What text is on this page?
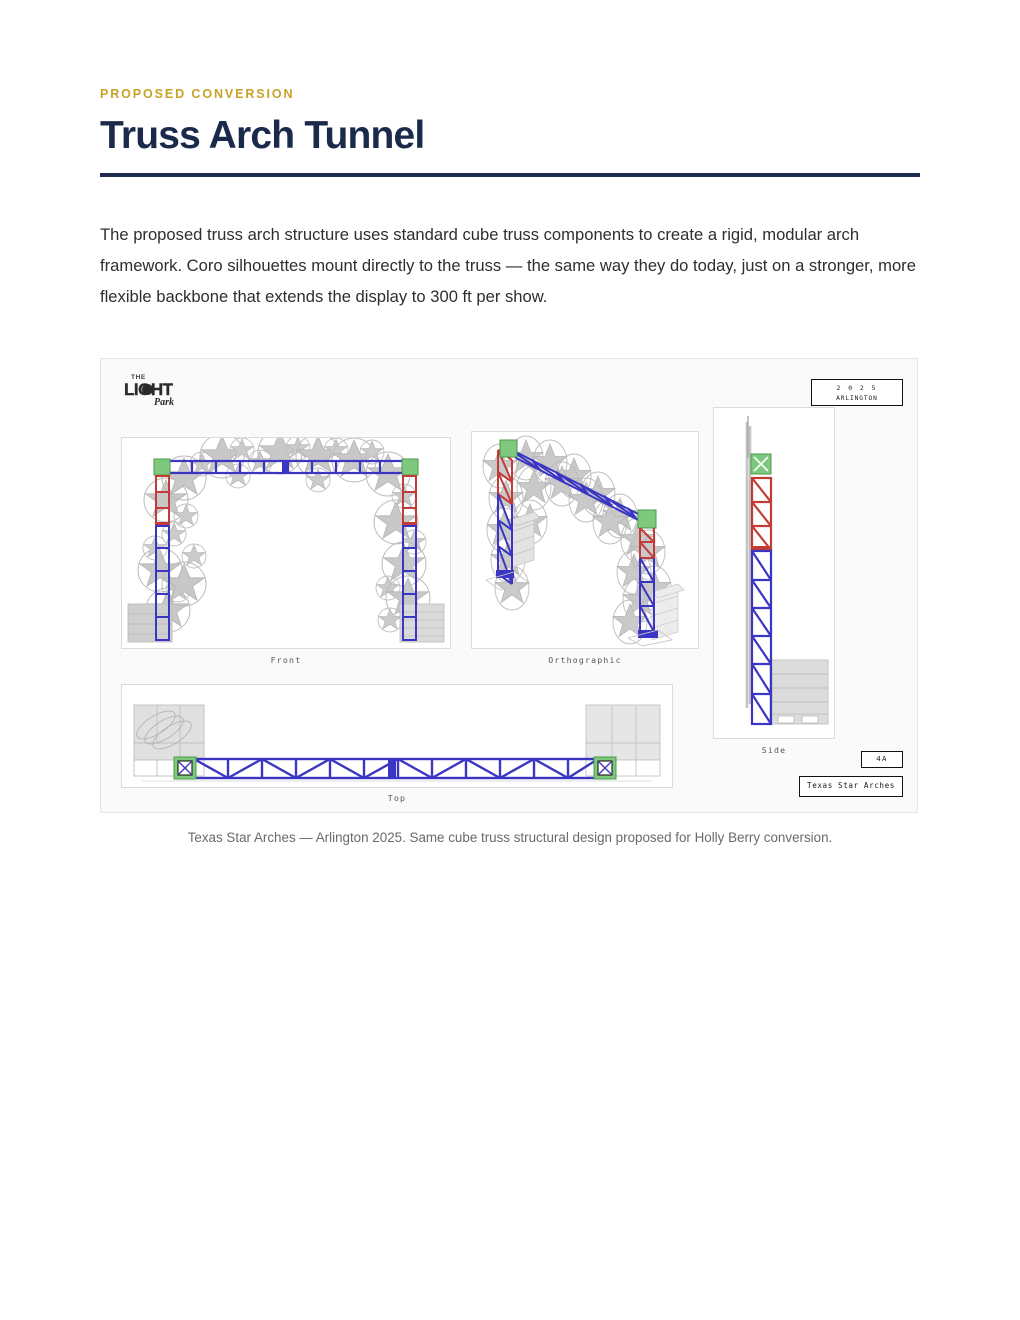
PROPOSED CONVERSION
Truss Arch Tunnel

The proposed truss arch structure uses standard cube truss components to create a rigid, modular arch framework. Coro silhouettes mount directly to the truss — the same way they do today, just on a stronger, more flexible backbone that extends the display to 300 ft per show.

THE
LIGHT
Park
2 0 2 5
ARLINGTON
4A
Texas Star Arches
Front	Orthographic
Side
Top
Texas Star Arches — Arlington 2025. Same cube truss structural design proposed for Holly Berry conversion.
